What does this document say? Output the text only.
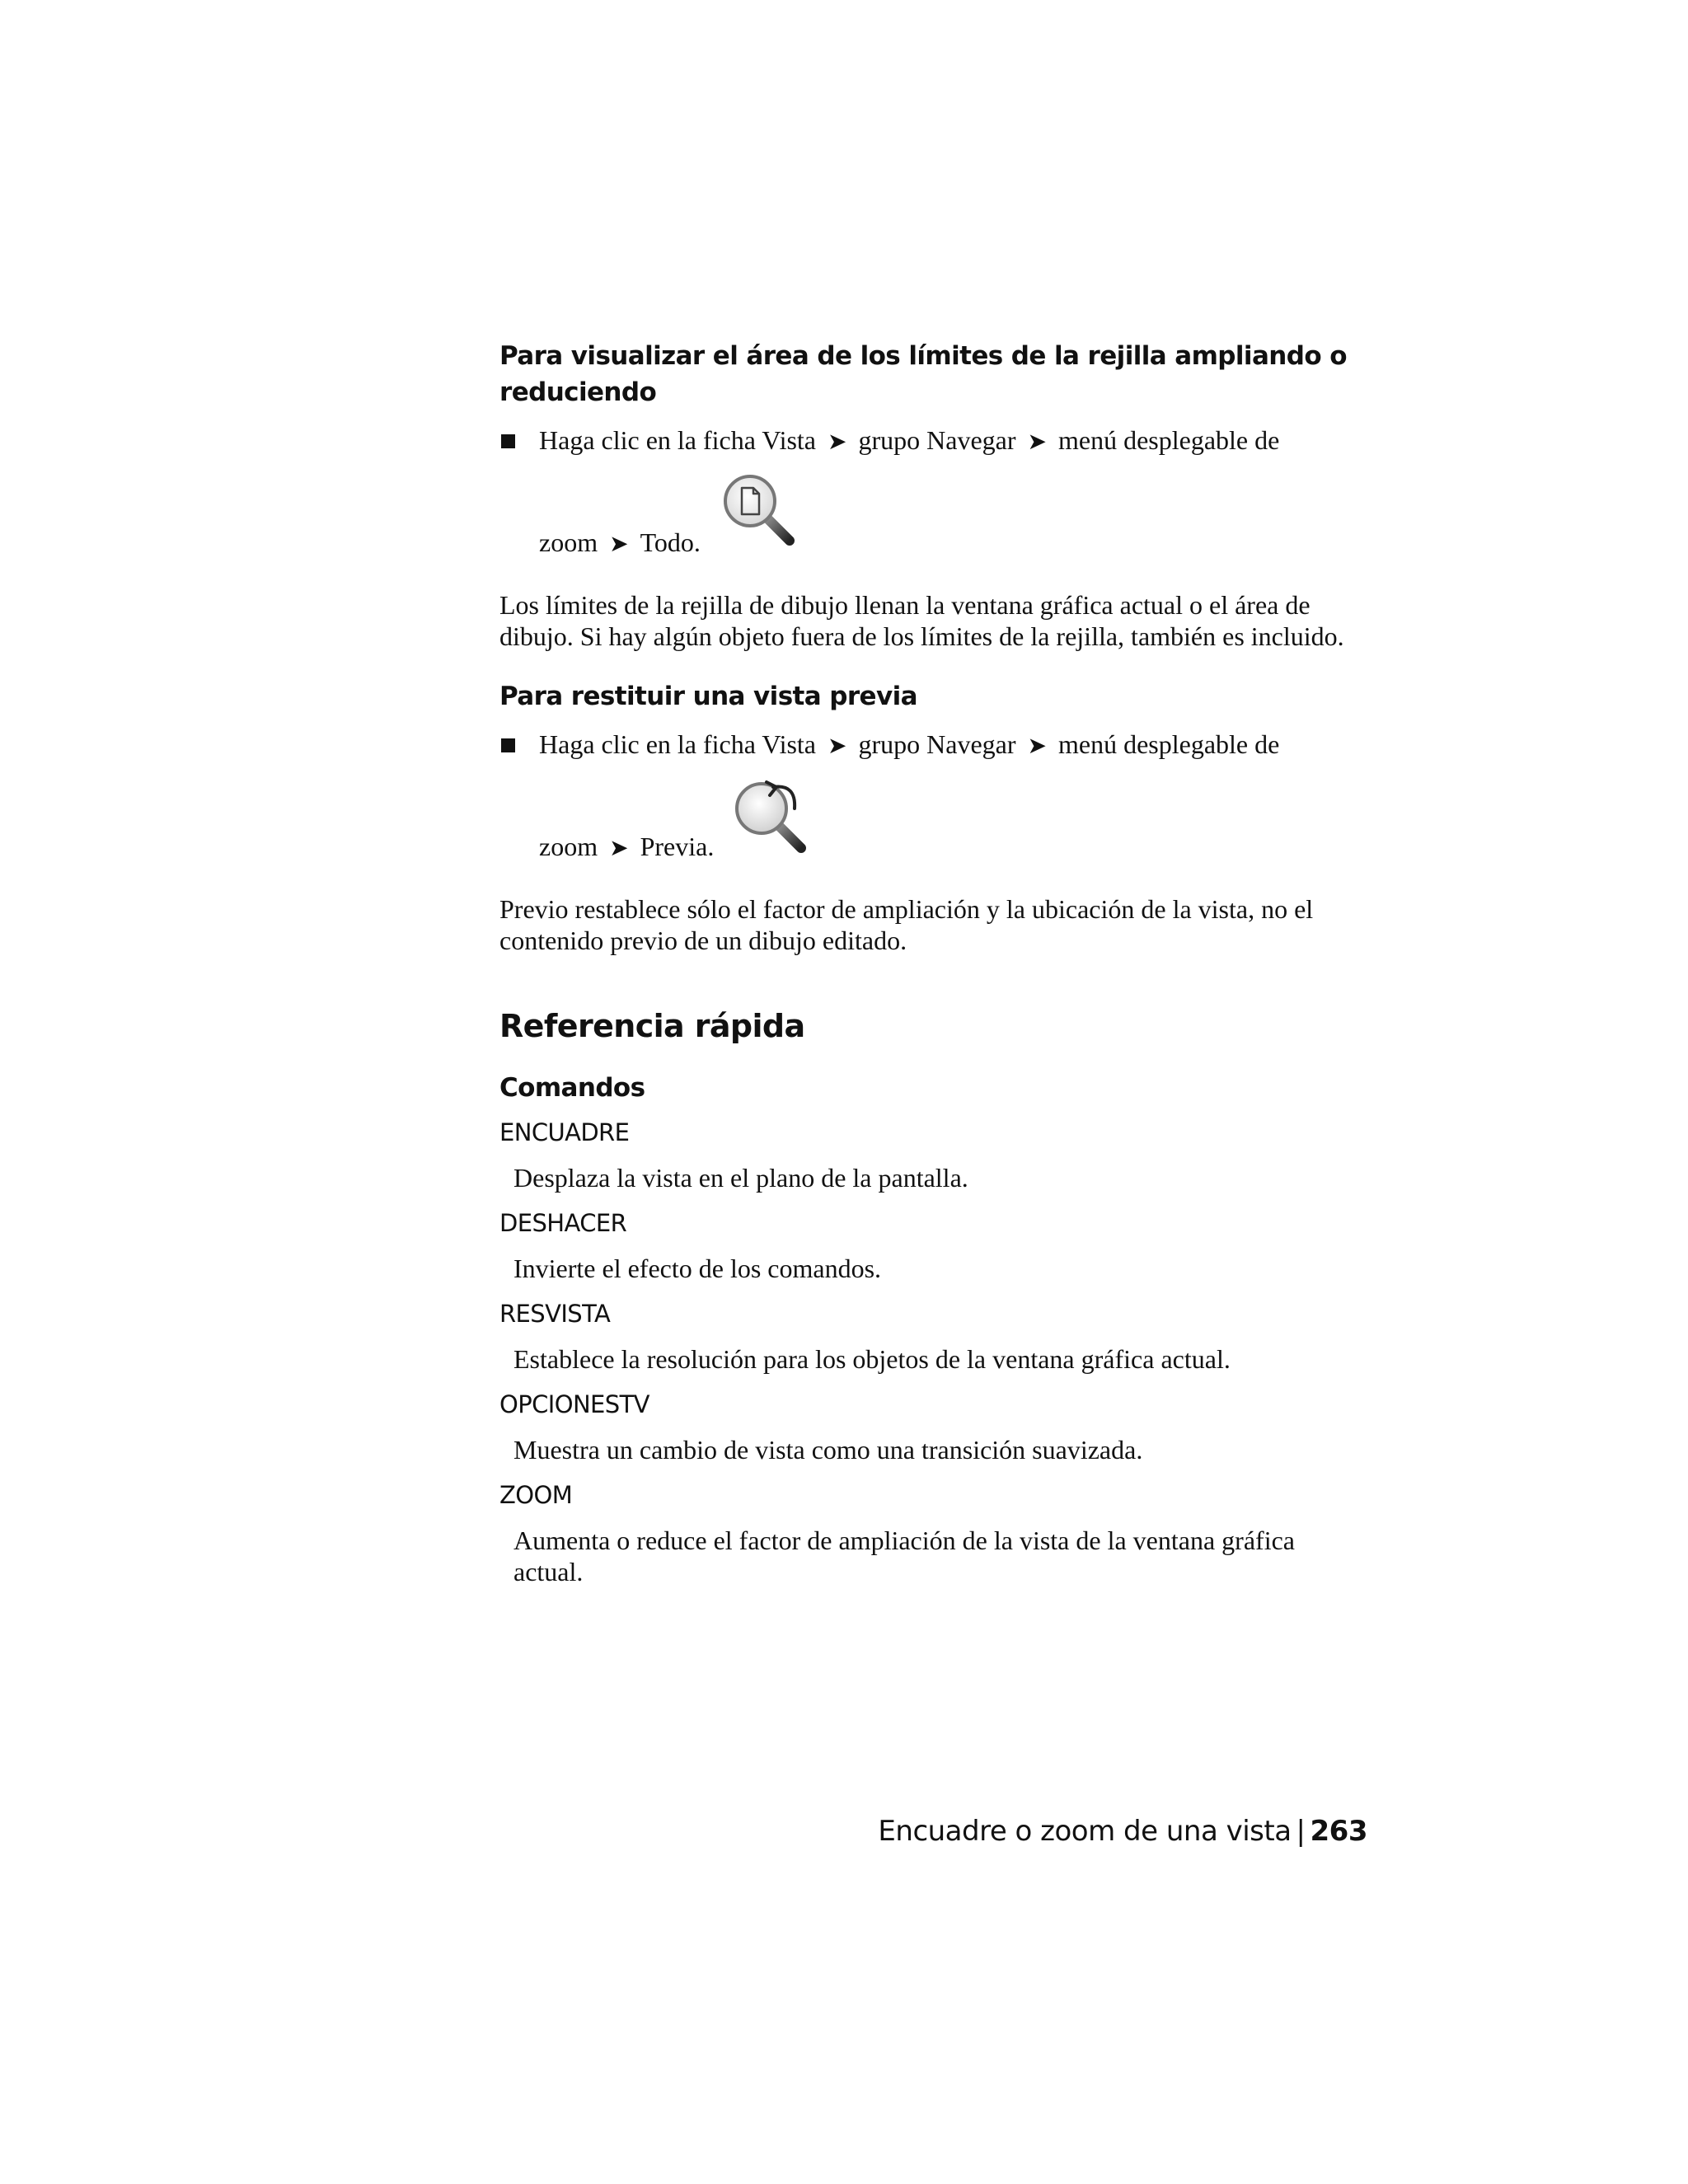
Para visualizar el área de los límites de la rejilla ampliando o reduciendo
Haga clic en la ficha Vista ➤ grupo Navegar ➤ menú desplegable de
zoom ➤ Todo.

Los límites de la rejilla de dibujo llenan la ventana gráfica actual o el área de dibujo. Si hay algún objeto fuera de los límites de la rejilla, también es incluido.

Para restituir una vista previa
Haga clic en la ficha Vista ➤ grupo Navegar ➤ menú desplegable de
zoom ➤ Previa.

Previo restablece sólo el factor de ampliación y la ubicación de la vista, no el contenido previo de un dibujo editado.

Referencia rápida
Comandos

ENCUADRE

Desplaza la vista en el plano de la pantalla.

DESHACER

Invierte el efecto de los comandos.

RESVISTA

Establece la resolución para los objetos de la ventana gráfica actual.

OPCIONESTV

Muestra un cambio de vista como una transición suavizada.

ZOOM

Aumenta o reduce el factor de ampliación de la vista de la ventana gráfica actual.

Encuadre o zoom de una vista | 263
